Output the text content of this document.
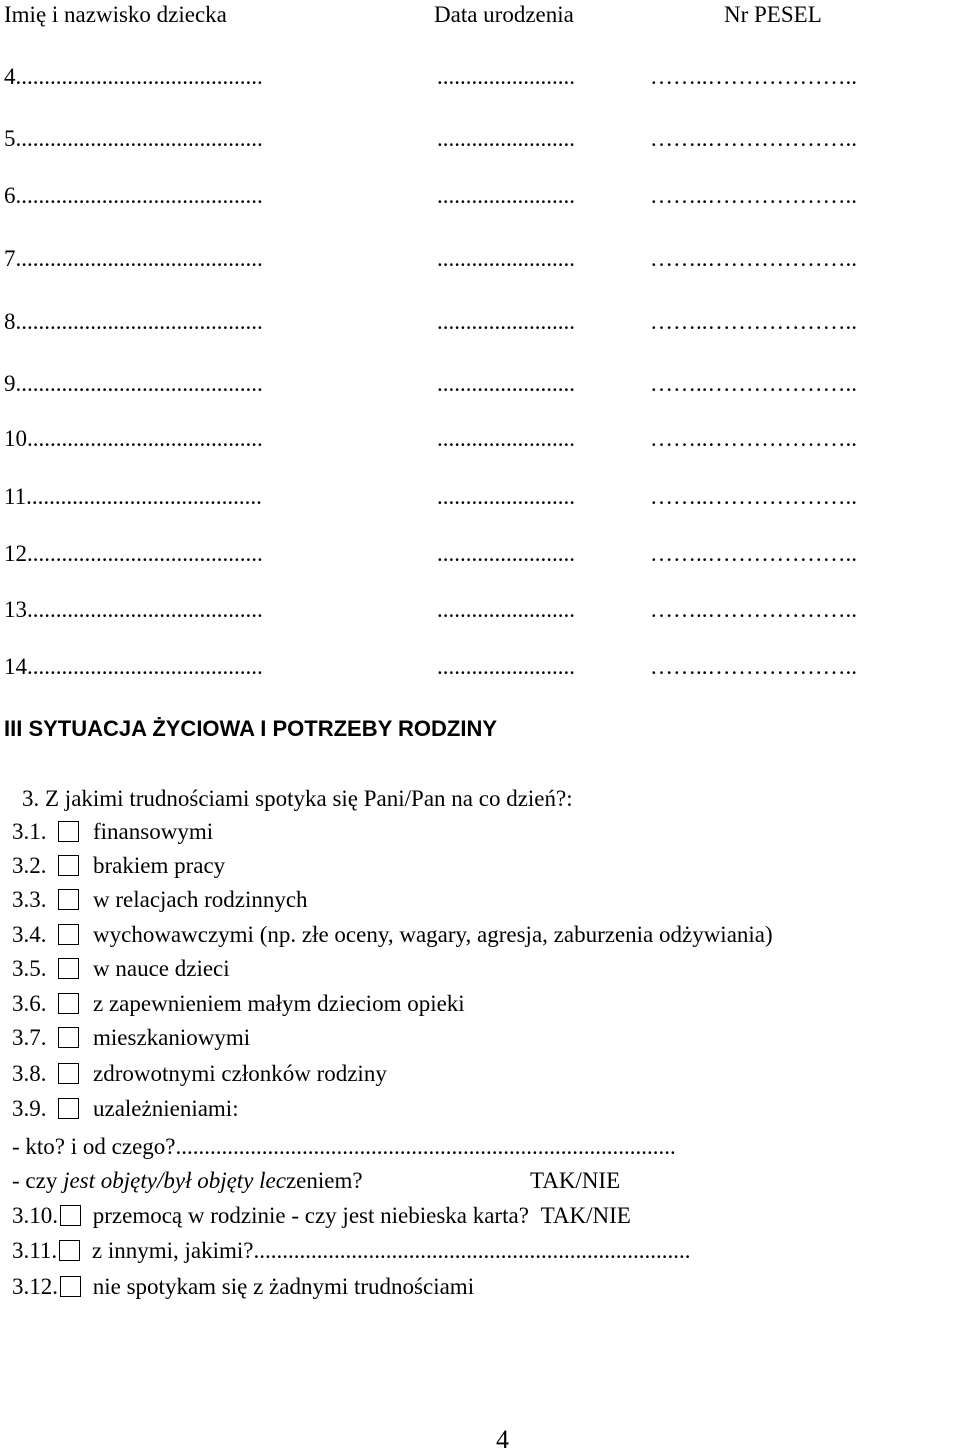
Imię i nazwisko dziecka	Data urodzenia	Nr PESEL
4...........................................	........................	……..………………..
5...........................................	........................	……..………………..
6...........................................	........................	……..………………..
7...........................................	........................	……..………………..
8...........................................	........................	……..………………..
9...........................................	........................	……..………………..
10.........................................	........................	……..………………..
11.........................................	........................	……..………………..
12.........................................	........................	……..………………..
13.........................................	........................	……..………………..
14.........................................	........................	……..………………..
III SYTUACJA ŻYCIOWA I POTRZEBY RODZINY
3. Z jakimi trudnościami spotyka się Pani/Pan na co dzień?:
3.1. finansowymi
3.2. brakiem pracy
3.3. w relacjach rodzinnych
3.4. wychowawczymi (np. złe oceny, wagary, agresja, zaburzenia odżywiania)
3.5. w nauce dzieci
3.6. z zapewnieniem małym dzieciom opieki
3.7. mieszkaniowymi
3.8. zdrowotnymi członków rodziny
3.9. uzależnieniami:
- kto? i od czego?.......................................................................................
- czy jest objęty/był objęty leczeniem?	TAK/NIE
3.10. przemocą w rodzinie - czy jest niebieska karta? TAK/NIE
3.11. z innymi, jakimi?............................................................................
3.12. nie spotykam się z żadnymi trudnościami
4
